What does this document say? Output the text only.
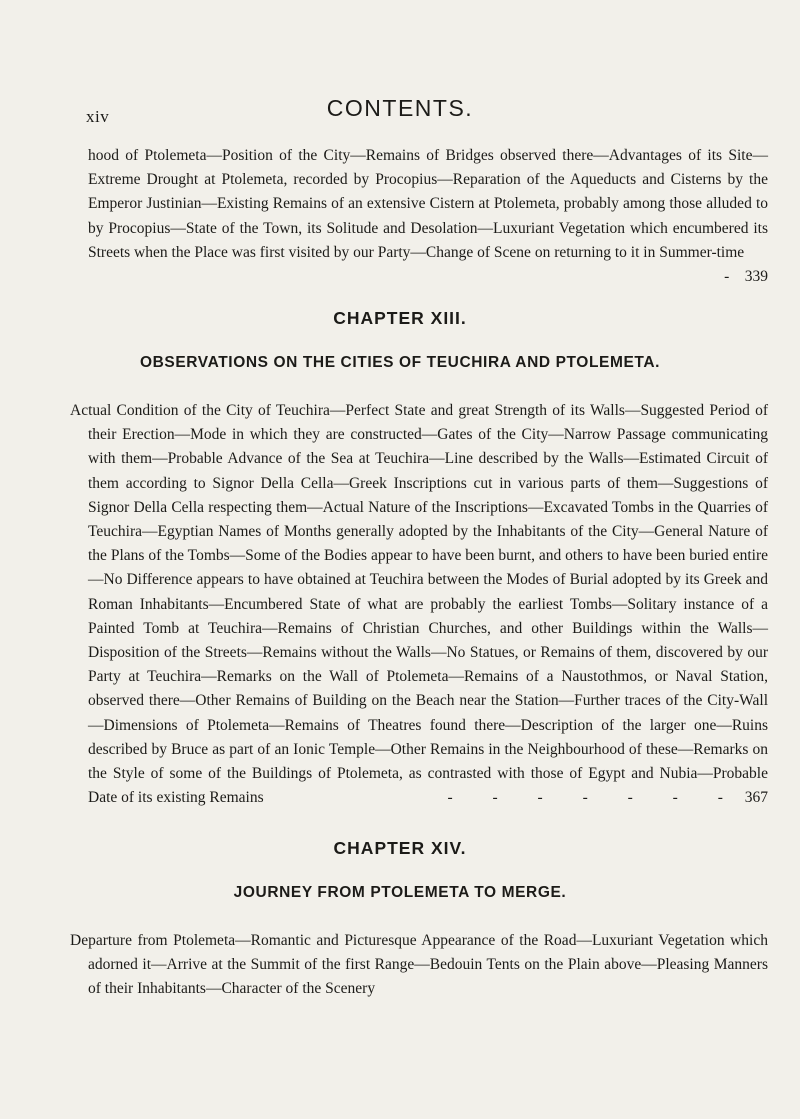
xiv	CONTENTS.

hood of Ptolemeta—Position of the City—Remains of Bridges observed there—Advantages of its Site—Extreme Drought at Ptolemeta, recorded by Procopius—Reparation of the Aqueducts and Cisterns by the Emperor Justinian—Existing Remains of an extensive Cistern at Ptolemeta, probably among those alluded to by Procopius—State of the Town, its Solitude and Desolation—Luxuriant Vegetation which encumbered its Streets when the Place was first visited by our Party—Change of Scene on returning to it in Summer-time
- 339

CHAPTER XIII.
OBSERVATIONS ON THE CITIES OF TEUCHIRA AND PTOLEMETA.

Actual Condition of the City of Teuchira—Perfect State and great Strength of its Walls—Suggested Period of their Erection—Mode in which they are constructed—Gates of the City—Narrow Passage communicating with them—Probable Advance of the Sea at Teuchira—Line described by the Walls—Estimated Circuit of them according to Signor Della Cella—Greek Inscriptions cut in various parts of them—Suggestions of Signor Della Cella respecting them—Actual Nature of the Inscriptions—Excavated Tombs in the Quarries of Teuchira—Egyptian Names of Months generally adopted by the Inhabitants of the City—General Nature of the Plans of the Tombs—Some of the Bodies appear to have been burnt, and others to have been buried entire—No Difference appears to have obtained at Teuchira between the Modes of Burial adopted by its Greek and Roman Inhabitants—Encumbered State of what are probably the earliest Tombs—Solitary instance of a Painted Tomb at Teuchira—Remains of Christian Churches, and other Buildings within the Walls—Disposition of the Streets—Remains without the Walls—No Statues, or Remains of them, discovered by our Party at Teuchira—Remarks on the Wall of Ptolemeta—Remains of a Naustothmos, or Naval Station, observed there—Other Remains of Building on the Beach near the Station—Further traces of the City-Wall—Dimensions of Ptolemeta—Remains of Theatres found there—Description of the larger one—Ruins described by Bruce as part of an Ionic Temple—Other Remains in the Neighbourhood of these—Remarks on the Style of some of the Buildings of Ptolemeta, as contrasted with those of Egypt and Nubia—Probable Date of its existing Remains	- - - - - - - 367

CHAPTER XIV.
JOURNEY FROM PTOLEMETA TO MERGE.

Departure from Ptolemeta—Romantic and Picturesque Appearance of the Road—Luxuriant Vegetation which adorned it—Arrive at the Summit of the first Range—Bedouin Tents on the Plain above—Pleasing Manners of their Inhabitants—Character of the Scenery
